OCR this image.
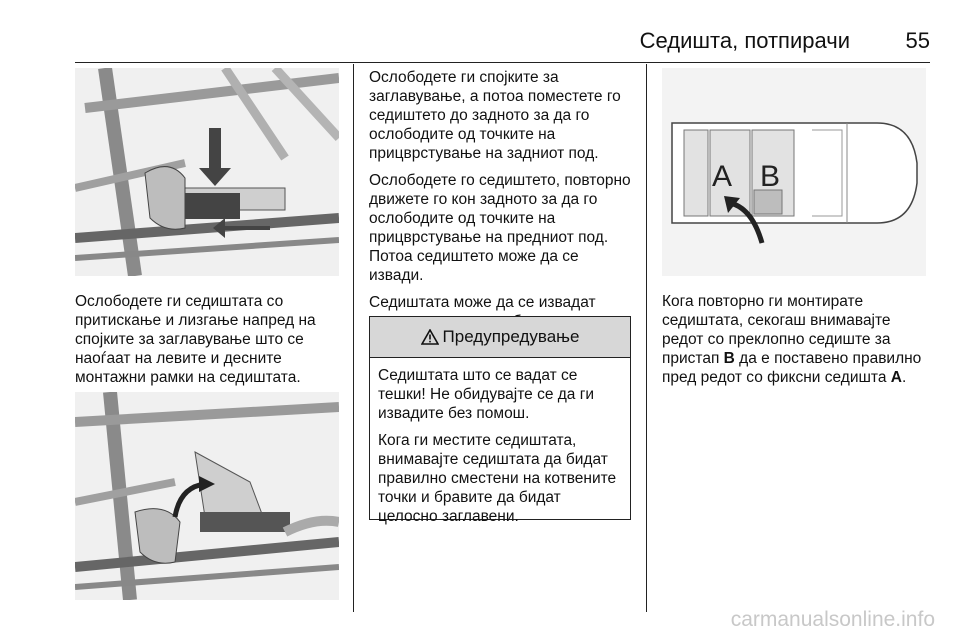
Седишта, потпирачи	55

Ослободете ги седиштата со притискање и лизгање напред на спојките за заглавување што се наоѓаат на левите и десните монтажни рамки на седиштата.

Ослободете ги спојките за заглавување, а потоа поместете го седиштето до задното за да го ослободите од точките на прицврстување на задниот под.

Ослободете го седиштето, повторно движете го кон задното за да го ослободите од точките на прицврстување на предниот под. Потоа седиштето може да се извади.

Седиштата може да се извадат

Предупредување

Седиштата што се вадат се тешки! Не обидувајте се да ги извадите без помош.

Кога ги местите седиштата, внимавајте седиштата да бидат правилно сместени на котвените точки и бравите да бидат целосно заглавени.

A B

Кога повторно ги монтирате седиштата, секогаш внимавајте редот со преклопно седиште за пристап B да е поставено правилно пред редот со фиксни седишта A.

carmanualsonline.info
